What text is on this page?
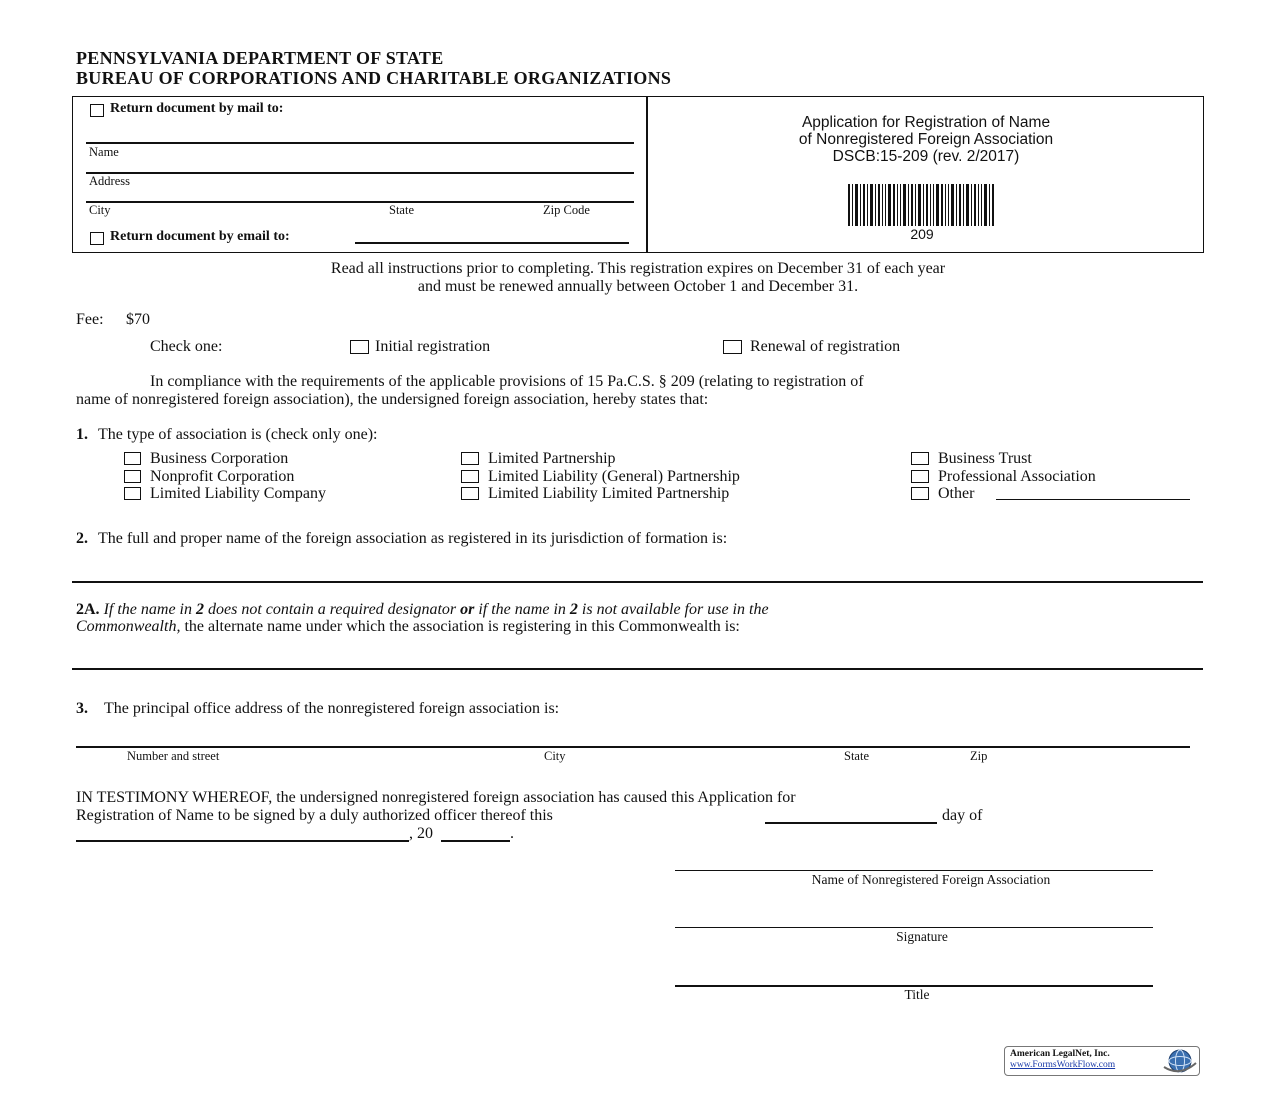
PENNSYLVANIA DEPARTMENT OF STATE
BUREAU OF CORPORATIONS AND CHARITABLE ORGANIZATIONS
Return document by mail to:
Name
Address
City	State	Zip Code
Return document by email to:
Application for Registration of Name
of Nonregistered Foreign Association
DSCB:15-209 (rev. 2/2017)
209
Read all instructions prior to completing. This registration expires on December 31 of each year
and must be renewed annually between October 1 and December 31.
Fee: $70
Check one:	Initial registration	Renewal of registration
In compliance with the requirements of the applicable provisions of 15 Pa.C.S. § 209 (relating to registration of
name of nonregistered foreign association), the undersigned foreign association, hereby states that:
1. The type of association is (check only one):
Business Corporation
Nonprofit Corporation
Limited Liability Company
Limited Partnership
Limited Liability (General) Partnership
Limited Liability Limited Partnership
Business Trust
Professional Association
Other
2. The full and proper name of the foreign association as registered in its jurisdiction of formation is:
2A. If the name in 2 does not contain a required designator or if the name in 2 is not available for use in the
Commonwealth, the alternate name under which the association is registering in this Commonwealth is:
3. The principal office address of the nonregistered foreign association is:
Number and street	City	State	Zip
IN TESTIMONY WHEREOF, the undersigned nonregistered foreign association has caused this Application for
Registration of Name to be signed by a duly authorized officer thereof this	day of
, 20	.
Name of Nonregistered Foreign Association
Signature
Title
American LegalNet, Inc.
www.FormsWorkFlow.com
